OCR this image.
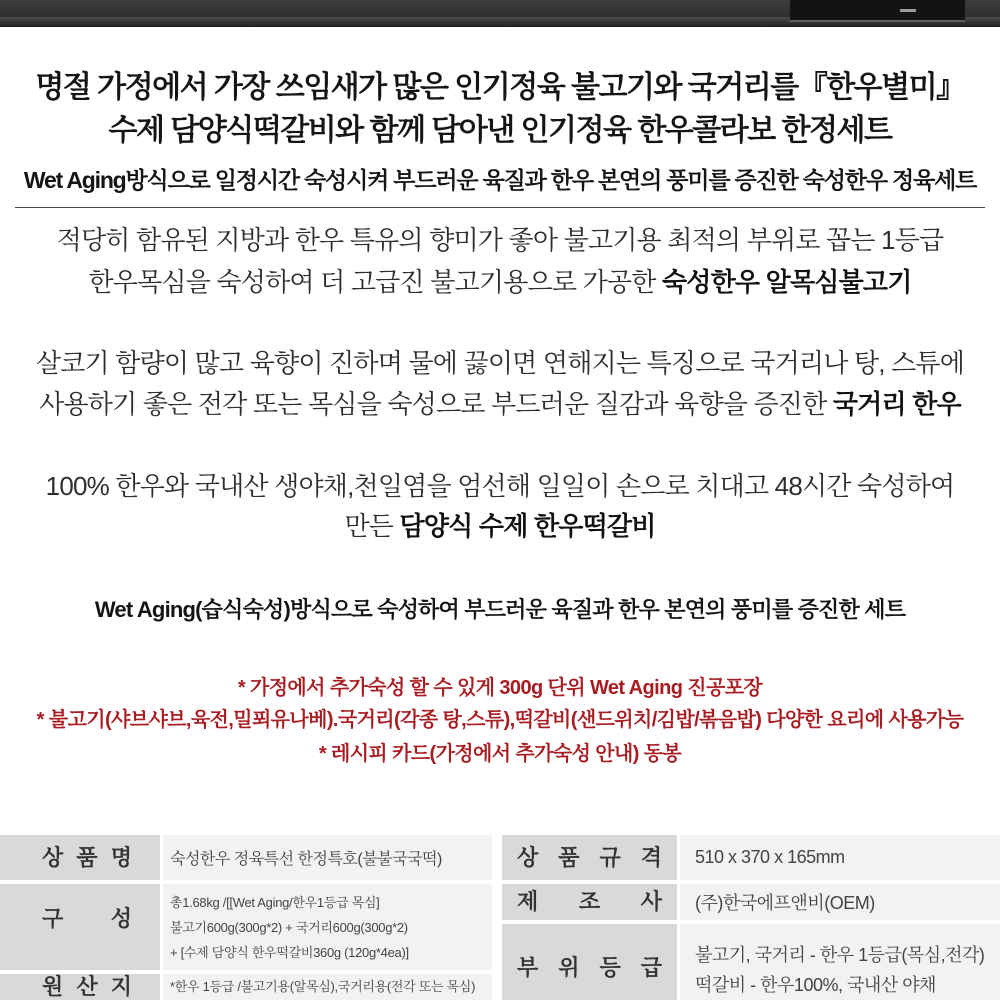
명절 가정에서 가장 쓰임새가 많은 인기정육 불고기와 국거리를『한우별미』
수제 담양식떡갈비와 함께 담아낸 인기정육 한우콜라보 한정세트
Wet Aging방식으로 일정시간 숙성시켜 부드러운 육질과 한우 본연의 풍미를 증진한 숙성한우 정육세트
적당히 함유된 지방과 한우 특유의 향미가 좋아 불고기용 최적의 부위로 꼽는 1등급
한우목심을 숙성하여 더 고급진 불고기용으로 가공한 숙성한우 알목심불고기
살코기 함량이 많고 육향이 진하며 물에 끓이면 연해지는 특징으로 국거리나 탕, 스튜에
사용하기 좋은 전각 또는 목심을 숙성으로 부드러운 질감과 육향을 증진한 국거리 한우
100% 한우와 국내산 생야채,천일염을 엄선해 일일이 손으로 치대고 48시간 숙성하여
만든 담양식 수제 한우떡갈비
Wet Aging(습식숙성)방식으로 숙성하여 부드러운 육질과 한우 본연의 풍미를 증진한 세트
* 가정에서 추가숙성 할 수 있게 300g 단위 Wet Aging 진공포장
* 불고기(샤브샤브,육전,밀푀유나베).국거리(각종 탕,스튜),떡갈비(샌드위치/김밥/볶음밥) 다양한 요리에 사용가능
* 레시피 카드(가정에서 추가숙성 안내) 동봉
상 품 명 숙성한우 정육특선 한정특호(불불국국떡)
구 성
총1.68kg /[[Wet Aging/한우1등급 목심]
불고기600g(300g*2) + 국거리600g(300g*2)
+ [수제 담양식 한우떡갈비360g (120g*4ea)]
원 산 지	*한우 1등급 /불고기용(알목심),국거리용(전각 또는 목심)
상 품 규 격 510 x 370 x 165mm
제 조 사 (주)한국에프앤비(OEM)
부 위 등 급 불고기, 국거리 - 한우 1등급(목심,전각)
떡갈비 - 한우100%, 국내산 야채
